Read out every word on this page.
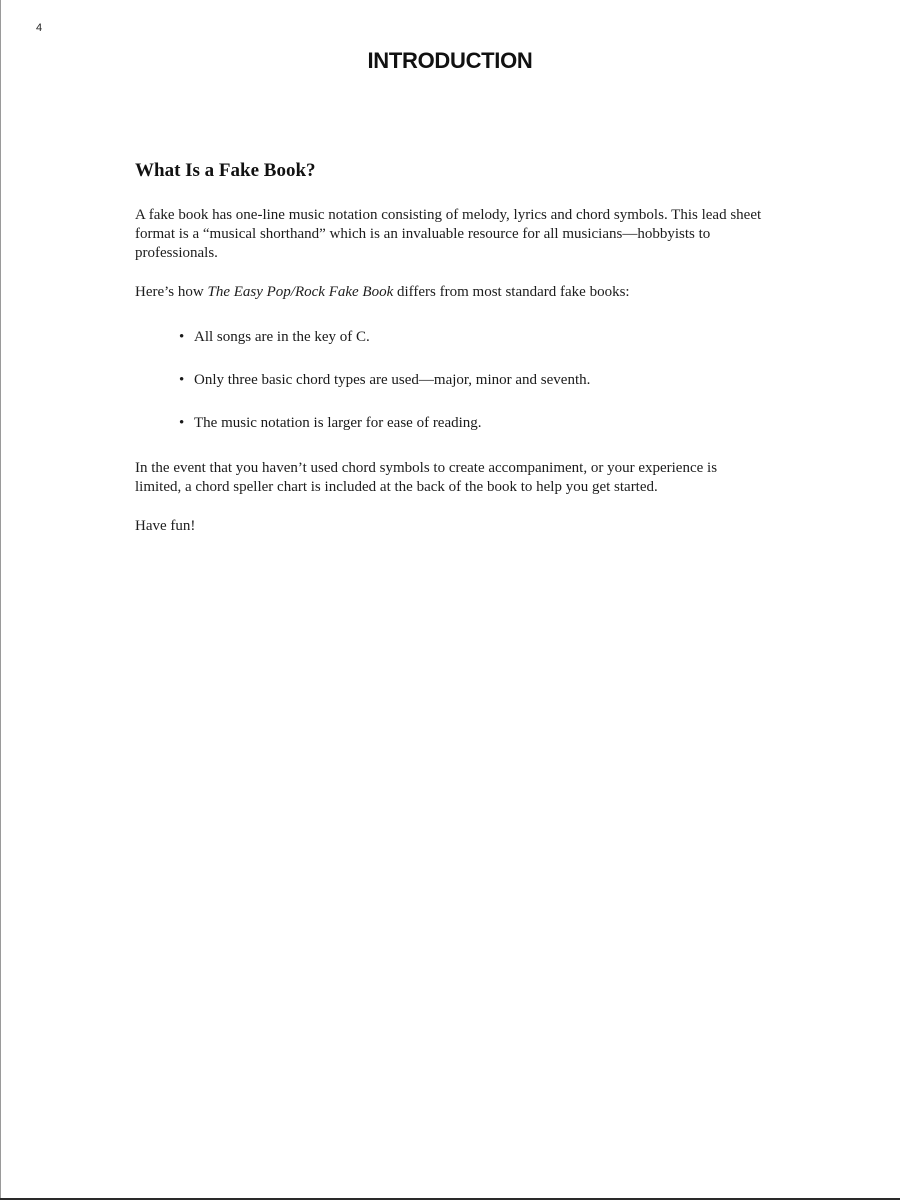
4
INTRODUCTION
What Is a Fake Book?

A fake book has one-line music notation consisting of melody, lyrics and chord symbols. This lead sheet format is a “musical shorthand” which is an invaluable resource for all musicians—hobbyists to professionals.

Here’s how The Easy Pop/Rock Fake Book differs from most standard fake books:

• All songs are in the key of C.
• Only three basic chord types are used—major, minor and seventh.
• The music notation is larger for ease of reading.

In the event that you haven’t used chord symbols to create accompaniment, or your experience is limited, a chord speller chart is included at the back of the book to help you get started.

Have fun!
